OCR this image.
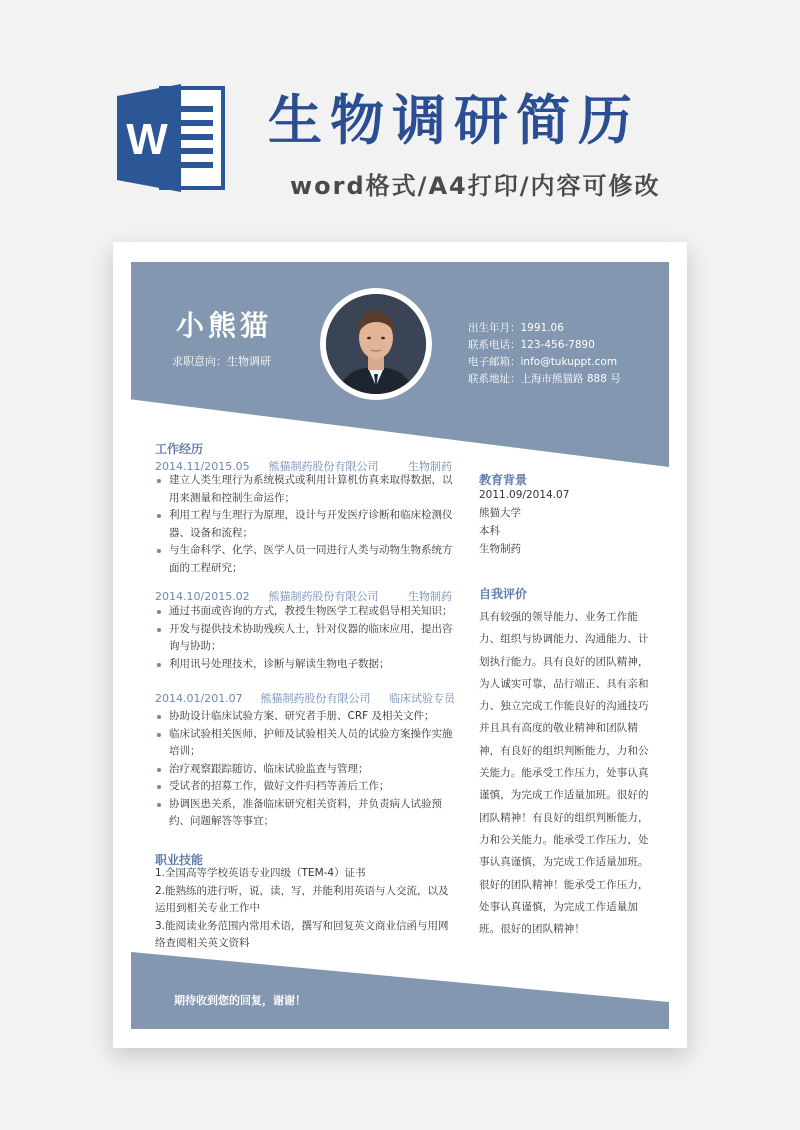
W 生物调研简历
word格式/A4打印/内容可修改
小熊猫
求职意向：生物调研
出生年月：1991.06
联系电话：123-456-7890
电子邮箱：info@tukuppt.com
联系地址：上海市熊猫路 888 号
工作经历
2014.11/2015.05 熊猫制药股份有限公司	生物制药
建立人类生理行为系统模式或利用计算机仿真来取得数据，以用来测量和控制生命运作；
利用工程与生理行为原理，设计与开发医疗诊断和临床检测仪器、设备和流程；
与生命科学、化学、医学人员一同进行人类与动物生物系统方面的工程研究；
2014.10/2015.02 熊猫制药股份有限公司	生物制药
通过书面或咨询的方式，教授生物医学工程或倡导相关知识；
开发与提供技术协助残疾人士，针对仪器的临床应用，提出咨询与协助；
利用讯号处理技术，诊断与解读生物电子数据；
2014.01/201.07 熊猫制药股份有限公司 临床试验专员
协助设计临床试验方案、研究者手册、CRF 及相关文件；
临床试验相关医师、护师及试验相关人员的试验方案操作实施培训；
治疗观察跟踪随访、临床试验监查与管理；
受试者的招募工作，做好文件归档等善后工作；
协调医患关系，准备临床研究相关资料，并负责病人试验预约、问题解答等事宜；
职业技能
1.全国高等学校英语专业四级（TEM-4）证书
2.能熟练的进行听，说，读，写，并能利用英语与人交流，以及运用到相关专业工作中
3.能阅读业务范围内常用术语，撰写和回复英文商业信函与用网络查阅相关英文资料
教育背景
2011.09/2014.07
熊猫大学
本科
生物制药
自我评价
具有较强的领导能力、业务工作能力、组织与协调能力、沟通能力、计划执行能力。具有良好的团队精神，为人诚实可靠，品行端正、具有亲和力、独立完成工作能良好的沟通技巧并且具有高度的敬业精神和团队精神，有良好的组织判断能力，力和公关能力。能承受工作压力，处事认真谨慎，为完成工作适量加班。很好的团队精神！有良好的组织判断能力，力和公关能力。能承受工作压力，处事认真谨慎，为完成工作适量加班。很好的团队精神！能承受工作压力，处事认真谨慎，为完成工作适量加班。很好的团队精神！
期待收到您的回复，谢谢！
